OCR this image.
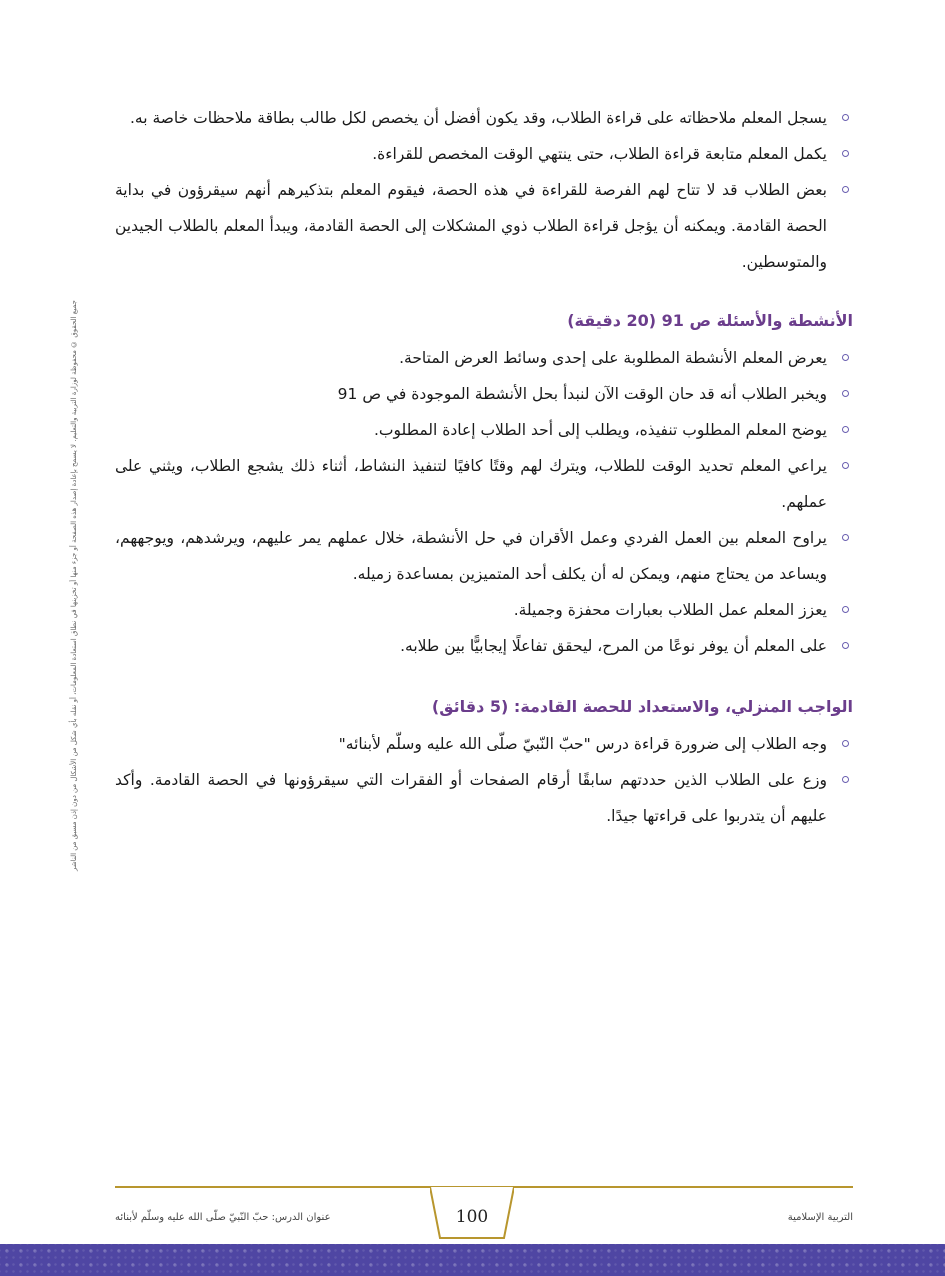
جميع الحقوق © محفوظة لوزارة التربية والتعليم. لا يسمح بإعادة إصدار هذه الصفحة أو جزء منها أو تخزينها في نطاق استعادة المعلومات، أو نقله بأي شكل من الأشكال من دون إذن مسبق من الناشر
يسجل المعلم ملاحظاته على قراءة الطلاب، وقد يكون أفضل أن يخصص لكل طالب بطاقة ملاحظات خاصة به.
يكمل المعلم متابعة قراءة الطلاب، حتى ينتهي الوقت المخصص للقراءة.
بعض الطلاب قد لا تتاح لهم الفرصة للقراءة في هذه الحصة، فيقوم المعلم بتذكيرهم أنهم سيقرؤون في بداية الحصة القادمة. ويمكنه أن يؤجل قراءة الطلاب ذوي المشكلات إلى الحصة القادمة، ويبدأ المعلم بالطلاب الجيدين والمتوسطين.
الأنشطة والأسئلة ص 91 (20 دقيقة)
يعرض المعلم الأنشطة المطلوبة على إحدى وسائط العرض المتاحة.
ويخبر الطلاب أنه قد حان الوقت الآن لنبدأ بحل الأنشطة الموجودة في ص 91
يوضح المعلم المطلوب تنفيذه، ويطلب إلى أحد الطلاب إعادة المطلوب.
يراعي المعلم تحديد الوقت للطلاب، ويترك لهم وقتًا كافيًا لتنفيذ النشاط، أثناء ذلك يشجع الطلاب، ويثني على عملهم.
يراوح المعلم بين العمل الفردي وعمل الأقران في حل الأنشطة، خلال عملهم يمر عليهم، ويرشدهم، ويوجههم، ويساعد من يحتاج منهم، ويمكن له أن يكلف أحد المتميزين بمساعدة زميله.
يعزز المعلم عمل الطلاب بعبارات محفزة وجميلة.
على المعلم أن يوفر نوعًا من المرح، ليحقق تفاعلًا إيجابيًّا بين طلابه.
الواجب المنزلي، والاستعداد للحصة القادمة: (5 دقائق)
وجه الطلاب إلى ضرورة قراءة درس "حبّ النّبيّ صلّى الله عليه وسلّم لأبنائه"
وزع على الطلاب الذين حددتهم سابقًا أرقام الصفحات أو الفقرات التي سيقرؤونها في الحصة القادمة. وأكد عليهم أن يتدربوا على قراءتها جيدًا.
100
عنوان الدرس: حبّ النّبيّ صلّى الله عليه وسلّم لأبنائه	التربية الإسلامية
